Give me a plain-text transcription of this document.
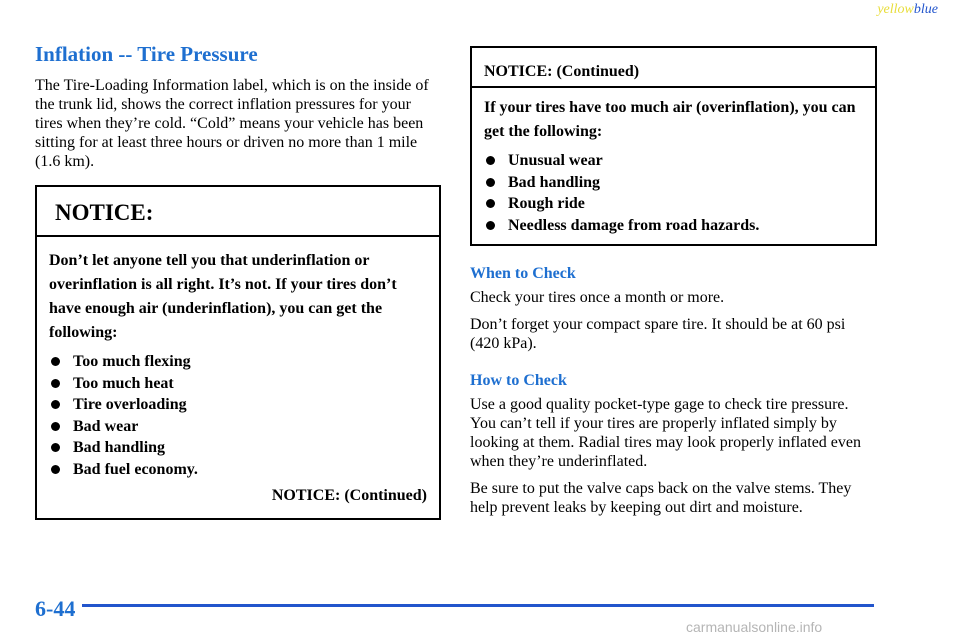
yellowblue
Inflation -- Tire Pressure

The Tire-Loading Information label, which is on the inside of the trunk lid, shows the correct inflation pressures for your tires when they’re cold. “Cold” means your vehicle has been sitting for at least three hours or driven no more than 1 mile (1.6 km).

NOTICE:

Don’t let anyone tell you that underinflation or overinflation is all right. It’s not. If your tires don’t have enough air (underinflation), you can get the following:

Too much flexing
Too much heat
Tire overloading
Bad wear
Bad handling
Bad fuel economy.
NOTICE: (Continued)
NOTICE: (Continued)

If your tires have too much air (overinflation), you can get the following:

Unusual wear
Bad handling
Rough ride
Needless damage from road hazards.
When to Check

Check your tires once a month or more.

Don’t forget your compact spare tire. It should be at 60 psi (420 kPa).

How to Check

Use a good quality pocket-type gage to check tire pressure. You can’t tell if your tires are properly inflated simply by looking at them. Radial tires may look properly inflated even when they’re underinflated.

Be sure to put the valve caps back on the valve stems. They help prevent leaks by keeping out dirt and moisture.

6-44
carmanualsonline.info
